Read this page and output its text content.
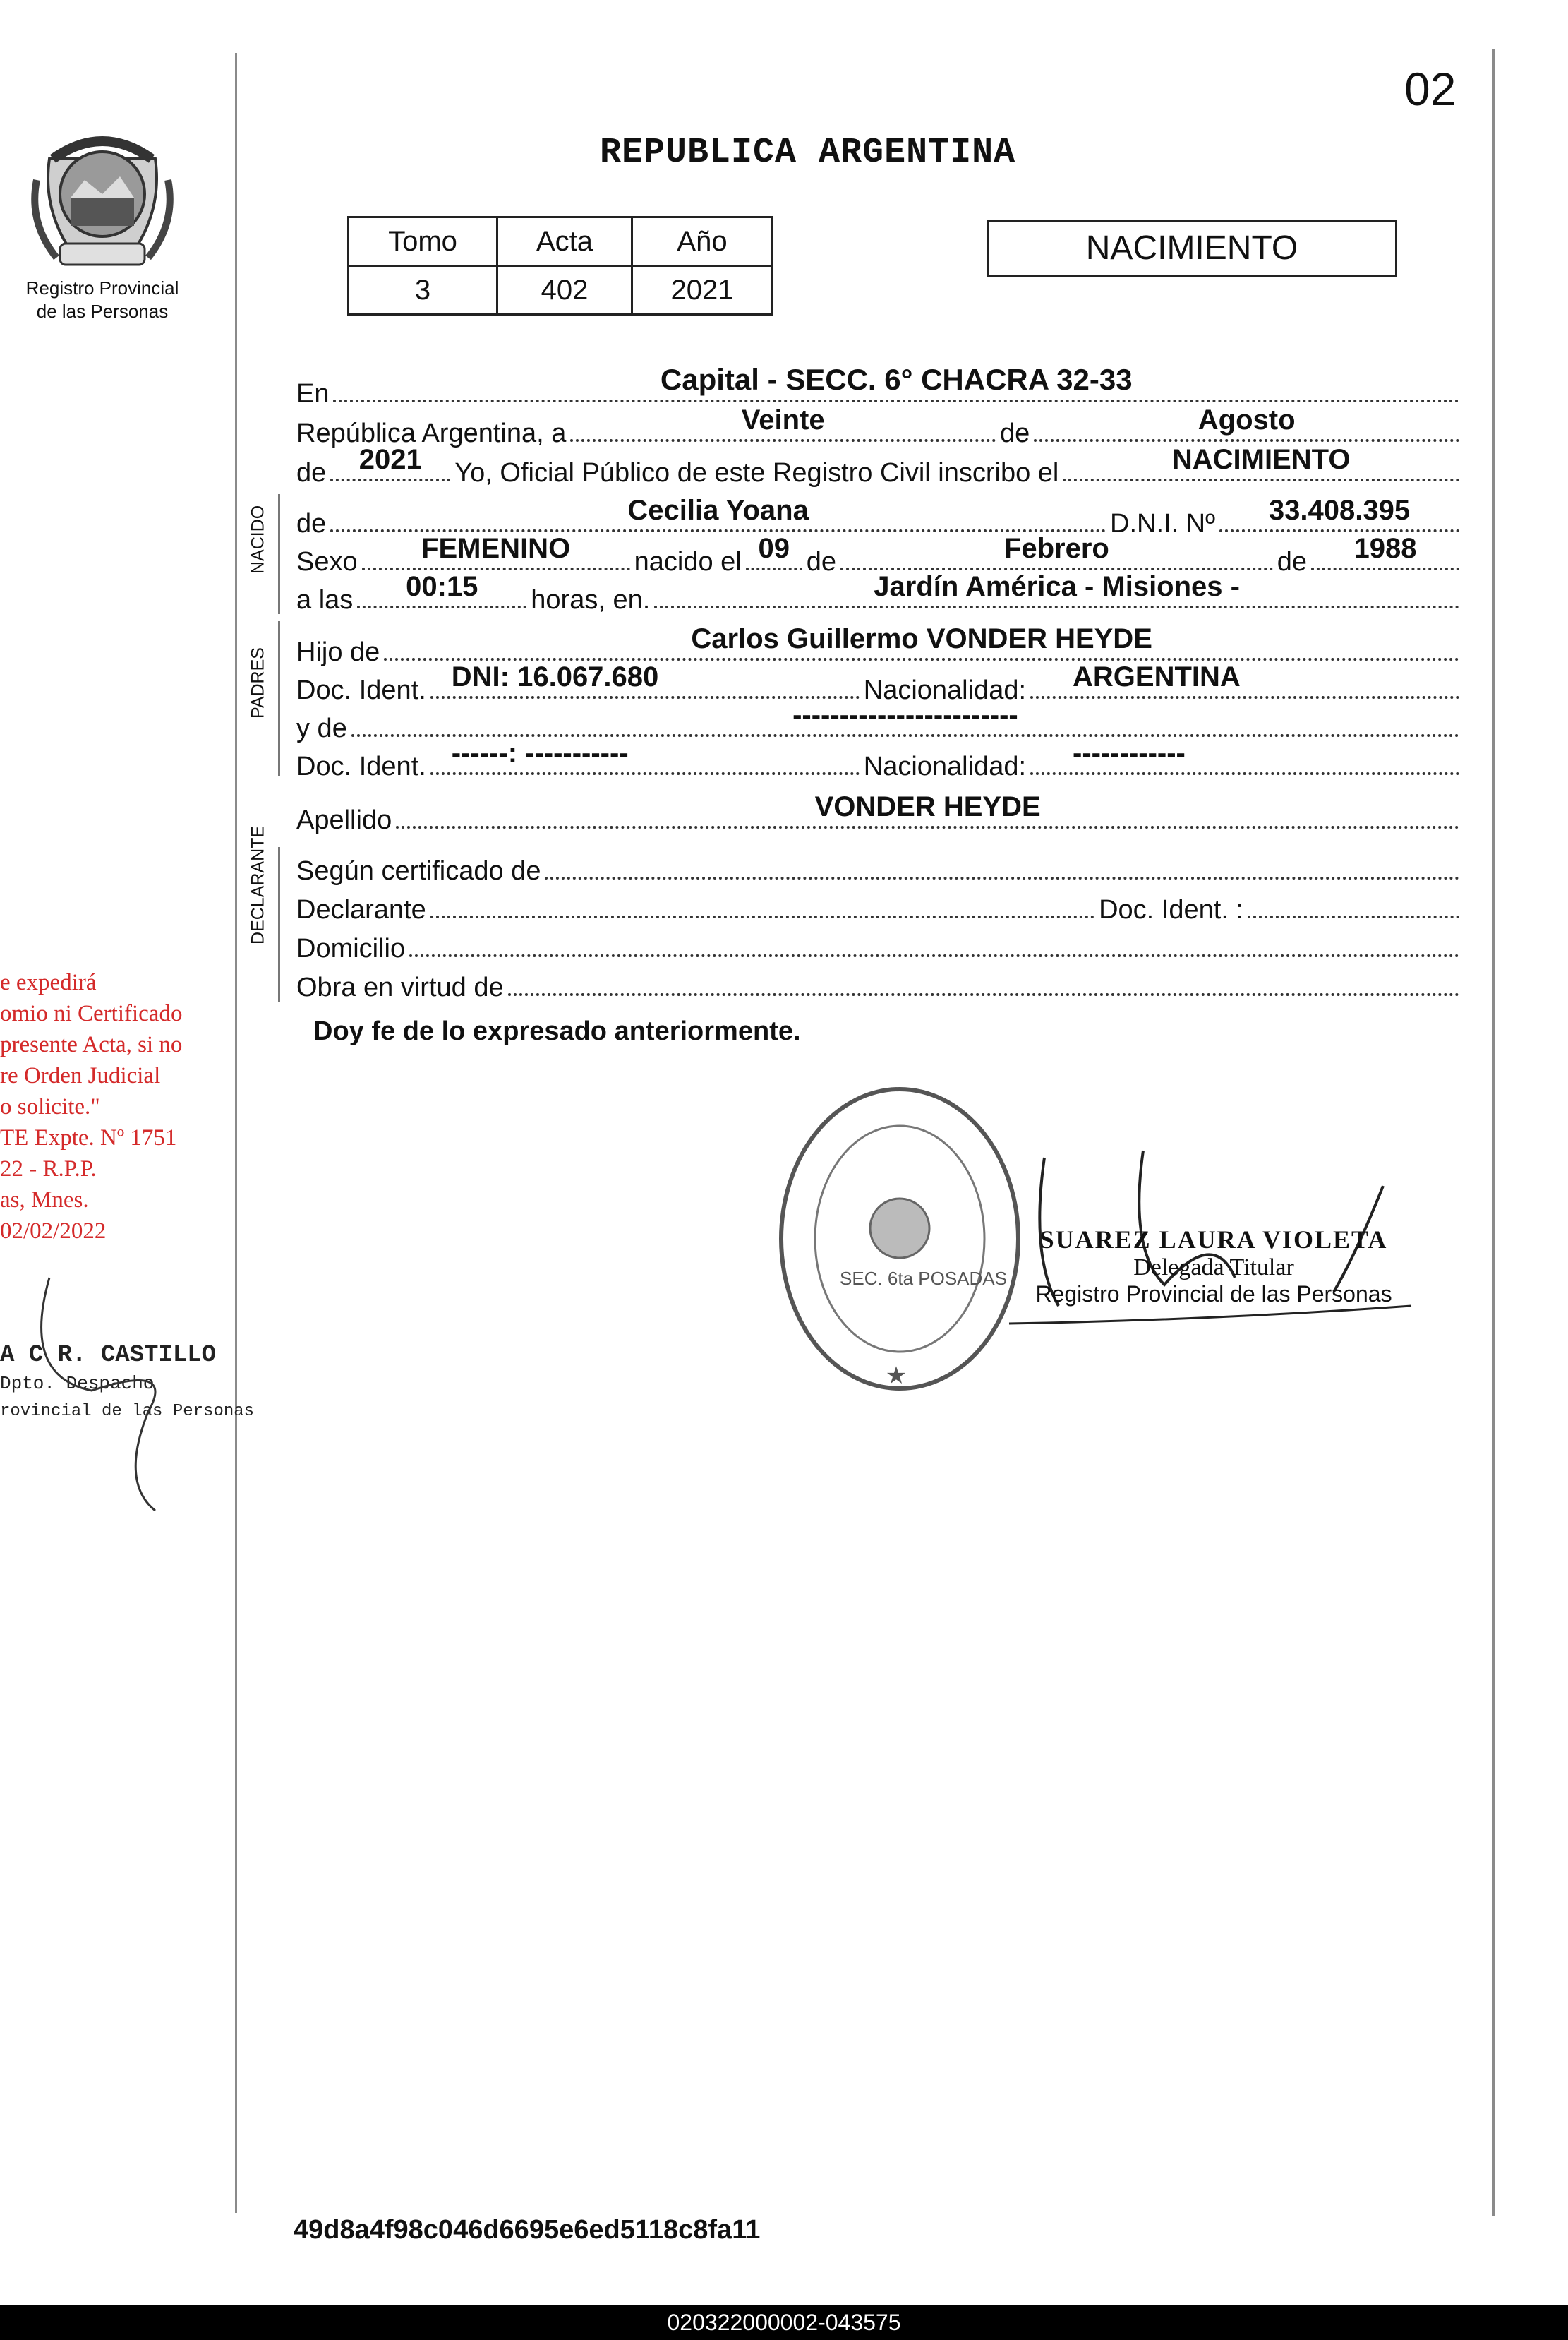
02
Registro Provincial
de las Personas
REPUBLICA ARGENTINA
Tomo	Acta	Año
3	402	2021
NACIMIENTO
En	Capital - SECC. 6° CHACRA 32-33
República Argentina, a	Veinte	de	Agosto
de 2021 Yo, Oficial Público de este Registro Civil inscribo el	NACIMIENTO
NACIDO de	Cecilia Yoana	D.N.I. Nº 33.408.395
Sexo FEMENINO nacido el 09 de	Febrero	de 1988
a las 00:15 horas, en.	Jardín América - Misiones -
PADRES Hijo de	Carlos Guillermo VONDER HEYDE
Doc. Ident. DNI: 16.067.680	Nacionalidad: ARGENTINA
y de	------------------------
Doc. Ident. ------: -----------	Nacionalidad: ------------
Apellido	VONDER HEYDE
DECLARANTE Según certificado de
Declarante	Doc. Ident. :
Domicilio
Obra en virtud de
Doy fe de lo expresado anteriormente.
SEC. 6ta POSADAS
★
SUAREZ LAURA VIOLETA
Delegada Titular
Registro Provincial de las Personas
e expedirá
omio ni Certificado
presente Acta, si no
re Orden Judicial
o solicite."
TE Expte. Nº 1751
22 - R.P.P.
as, Mnes.
02/02/2022
A C R. CASTILLO
Dpto. Despacho
rovincial de las Personas
49d8a4f98c046d6695e6ed5118c8fa11
020322000002-043575
